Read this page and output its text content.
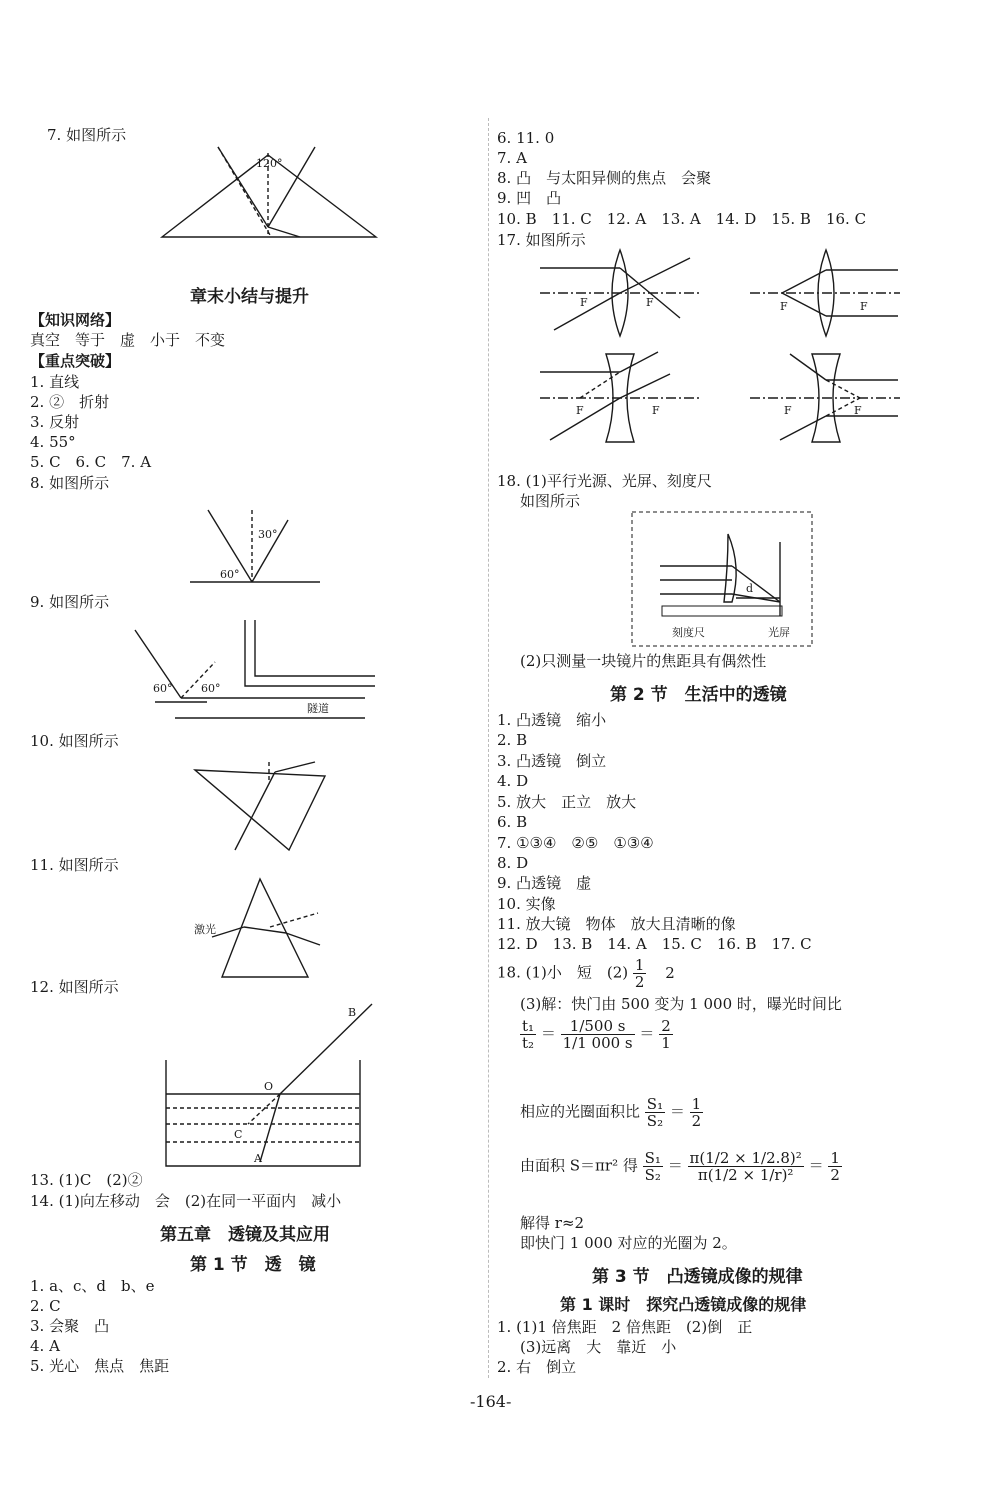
7. 如图所示
120°
章末小结与提升
【知识网络】
真空　等于　虚　小于　不变
【重点突破】
1. 直线
2. ②　折射
3. 反射
4. 55°
5. C　6. C　7. A
8. 如图所示
30°
60°
9. 如图所示
60°	60°
隧道
10. 如图所示
11. 如图所示
激光
12. 如图所示
B
O
C
A
13. (1)C　(2)②
14. (1)向左移动　会　(2)在同一平面内　减小
第五章　透镜及其应用
第 1 节　透　镜
1. a、c、d　b、e
2. C
3. 会聚　凸
4. A
5. 光心　焦点　焦距
6. 11. 0
7. A
8. 凸　与太阳异侧的焦点　会聚
9. 凹　凸
10. B　11. C　12. A　13. A　14. D　15. B　16. C
17. 如图所示
F	F	F	F
F	F	F	F
18. (1)平行光源、光屏、刻度尺
如图所示
刻度尺	光屏
d
(2)只测量一块镜片的焦距具有偶然性
第 2 节　生活中的透镜
1. 凸透镜　缩小
2. B
3. 凸透镜　倒立
4. D
5. 放大　正立　放大
6. B
7. ①③④　②⑤　①③④
8. D
9. 凸透镜　虚
10. 实像
11. 放大镜　物体　放大且清晰的像
12. D　13. B　14. A　15. C　16. B　17. C
18. (1)小　短　$(2) \frac{1}{2} 2$
(3)解：快门由 500 变为 1 000 时，曝光时间比
$\frac{\text{t₁}}{\text{t₂}} = \frac{1/500 s}{1/1 000 s} = \frac{2}{1}$
相应的光圈面积比 $\frac{\text{S₁}}{\text{S₂}} = \frac{1}{2}$
由面积 S＝πr² 得 $\frac{\text{S₁}}{\text{S₂}} = \frac{\text{π(1/2 × 1/2.8)²}}{\text{π(1/2 × 1/r)²}} = \frac{1}{2}$
解得 r≈2
即快门 1 000 对应的光圈为 2。
第 3 节　凸透镜成像的规律
第 1 课时　探究凸透镜成像的规律
1. (1)1 倍焦距　2 倍焦距　(2)倒　正
(3)远离　大　靠近　小
2. 右　倒立
-164-
